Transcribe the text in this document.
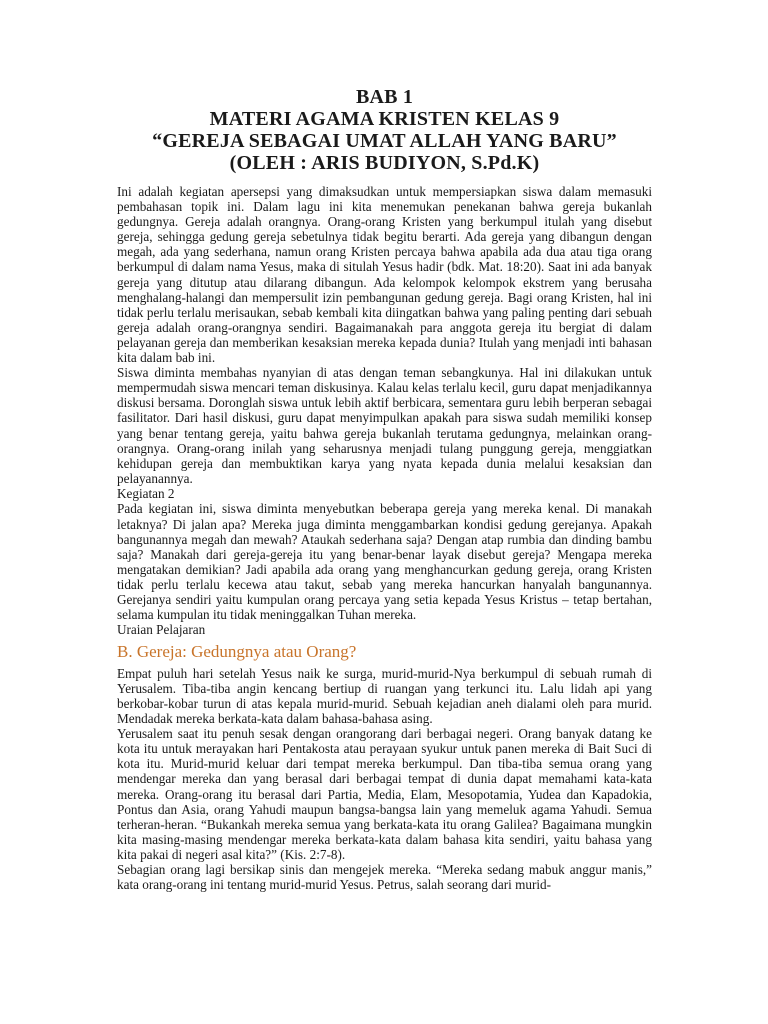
BAB 1
MATERI AGAMA KRISTEN KELAS 9
“GEREJA SEBAGAI UMAT ALLAH YANG BARU”
(OLEH : ARIS BUDIYON, S.Pd.K)

Ini adalah kegiatan apersepsi yang dimaksudkan untuk mempersiapkan siswa dalam memasuki pembahasan topik ini. Dalam lagu ini kita menemukan penekanan bahwa gereja bukanlah gedungnya. Gereja adalah orangnya. Orang-orang Kristen yang berkumpul itulah yang disebut gereja, sehingga gedung gereja sebetulnya tidak begitu berarti. Ada gereja yang dibangun dengan megah, ada yang sederhana, namun orang Kristen percaya bahwa apabila ada dua atau tiga orang berkumpul di dalam nama Yesus, maka di situlah Yesus hadir (bdk. Mat. 18:20). Saat ini ada banyak gereja yang ditutup atau dilarang dibangun. Ada kelompok kelompok ekstrem yang berusaha menghalang-halangi dan mempersulit izin pembangunan gedung gereja. Bagi orang Kristen, hal ini tidak perlu terlalu merisaukan, sebab kembali kita diingatkan bahwa yang paling penting dari sebuah gereja adalah orang-orangnya sendiri. Bagaimanakah para anggota gereja itu bergiat di dalam pelayanan gereja dan memberikan kesaksian mereka kepada dunia? Itulah yang menjadi inti bahasan kita dalam bab ini.

Siswa diminta membahas nyanyian di atas dengan teman sebangkunya. Hal ini dilakukan untuk mempermudah siswa mencari teman diskusinya. Kalau kelas terlalu kecil, guru dapat menjadikannya diskusi bersama. Doronglah siswa untuk lebih aktif berbicara, sementara guru lebih berperan sebagai fasilitator. Dari hasil diskusi, guru dapat menyimpulkan apakah para siswa sudah memiliki konsep yang benar tentang gereja, yaitu bahwa gereja bukanlah terutama gedungnya, melainkan orang-orangnya. Orang-orang inilah yang seharusnya menjadi tulang punggung gereja, menggiatkan kehidupan gereja dan membuktikan karya yang nyata kepada dunia melalui kesaksian dan pelayanannya.

Kegiatan 2

Pada kegiatan ini, siswa diminta menyebutkan beberapa gereja yang mereka kenal. Di manakah letaknya? Di jalan apa? Mereka juga diminta menggambarkan kondisi gedung gerejanya. Apakah bangunannya megah dan mewah? Ataukah sederhana saja? Dengan atap rumbia dan dinding bambu saja? Manakah dari gereja-gereja itu yang benar-benar layak disebut gereja? Mengapa mereka mengatakan demikian? Jadi apabila ada orang yang menghancurkan gedung gereja, orang Kristen tidak perlu terlalu kecewa atau takut, sebab yang mereka hancurkan hanyalah bangunannya. Gerejanya sendiri yaitu kumpulan orang percaya yang setia kepada Yesus Kristus – tetap bertahan, selama kumpulan itu tidak meninggalkan Tuhan mereka.

Uraian Pelajaran

B. Gereja: Gedungnya atau Orang?

Empat puluh hari setelah Yesus naik ke surga, murid-murid-Nya berkumpul di sebuah rumah di Yerusalem. Tiba-tiba angin kencang bertiup di ruangan yang terkunci itu. Lalu lidah api yang berkobar-kobar turun di atas kepala murid-murid. Sebuah kejadian aneh dialami oleh para murid. Mendadak mereka berkata-kata dalam bahasa-bahasa asing.

Yerusalem saat itu penuh sesak dengan orangorang dari berbagai negeri. Orang banyak datang ke kota itu untuk merayakan hari Pentakosta atau perayaan syukur untuk panen mereka di Bait Suci di kota itu. Murid-murid keluar dari tempat mereka berkumpul. Dan tiba-tiba semua orang yang mendengar mereka dan yang berasal dari berbagai tempat di dunia dapat memahami kata-kata mereka. Orang-orang itu berasal dari Partia, Media, Elam, Mesopotamia, Yudea dan Kapadokia, Pontus dan Asia, orang Yahudi maupun bangsa-bangsa lain yang memeluk agama Yahudi. Semua terheran-heran. “Bukankah mereka semua yang berkata-kata itu orang Galilea? Bagaimana mungkin kita masing-masing mendengar mereka berkata-kata dalam bahasa kita sendiri, yaitu bahasa yang kita pakai di negeri asal kita?” (Kis. 2:7-8).

Sebagian orang lagi bersikap sinis dan mengejek mereka. “Mereka sedang mabuk anggur manis,” kata orang-orang ini tentang murid-murid Yesus. Petrus, salah seorang dari murid-
